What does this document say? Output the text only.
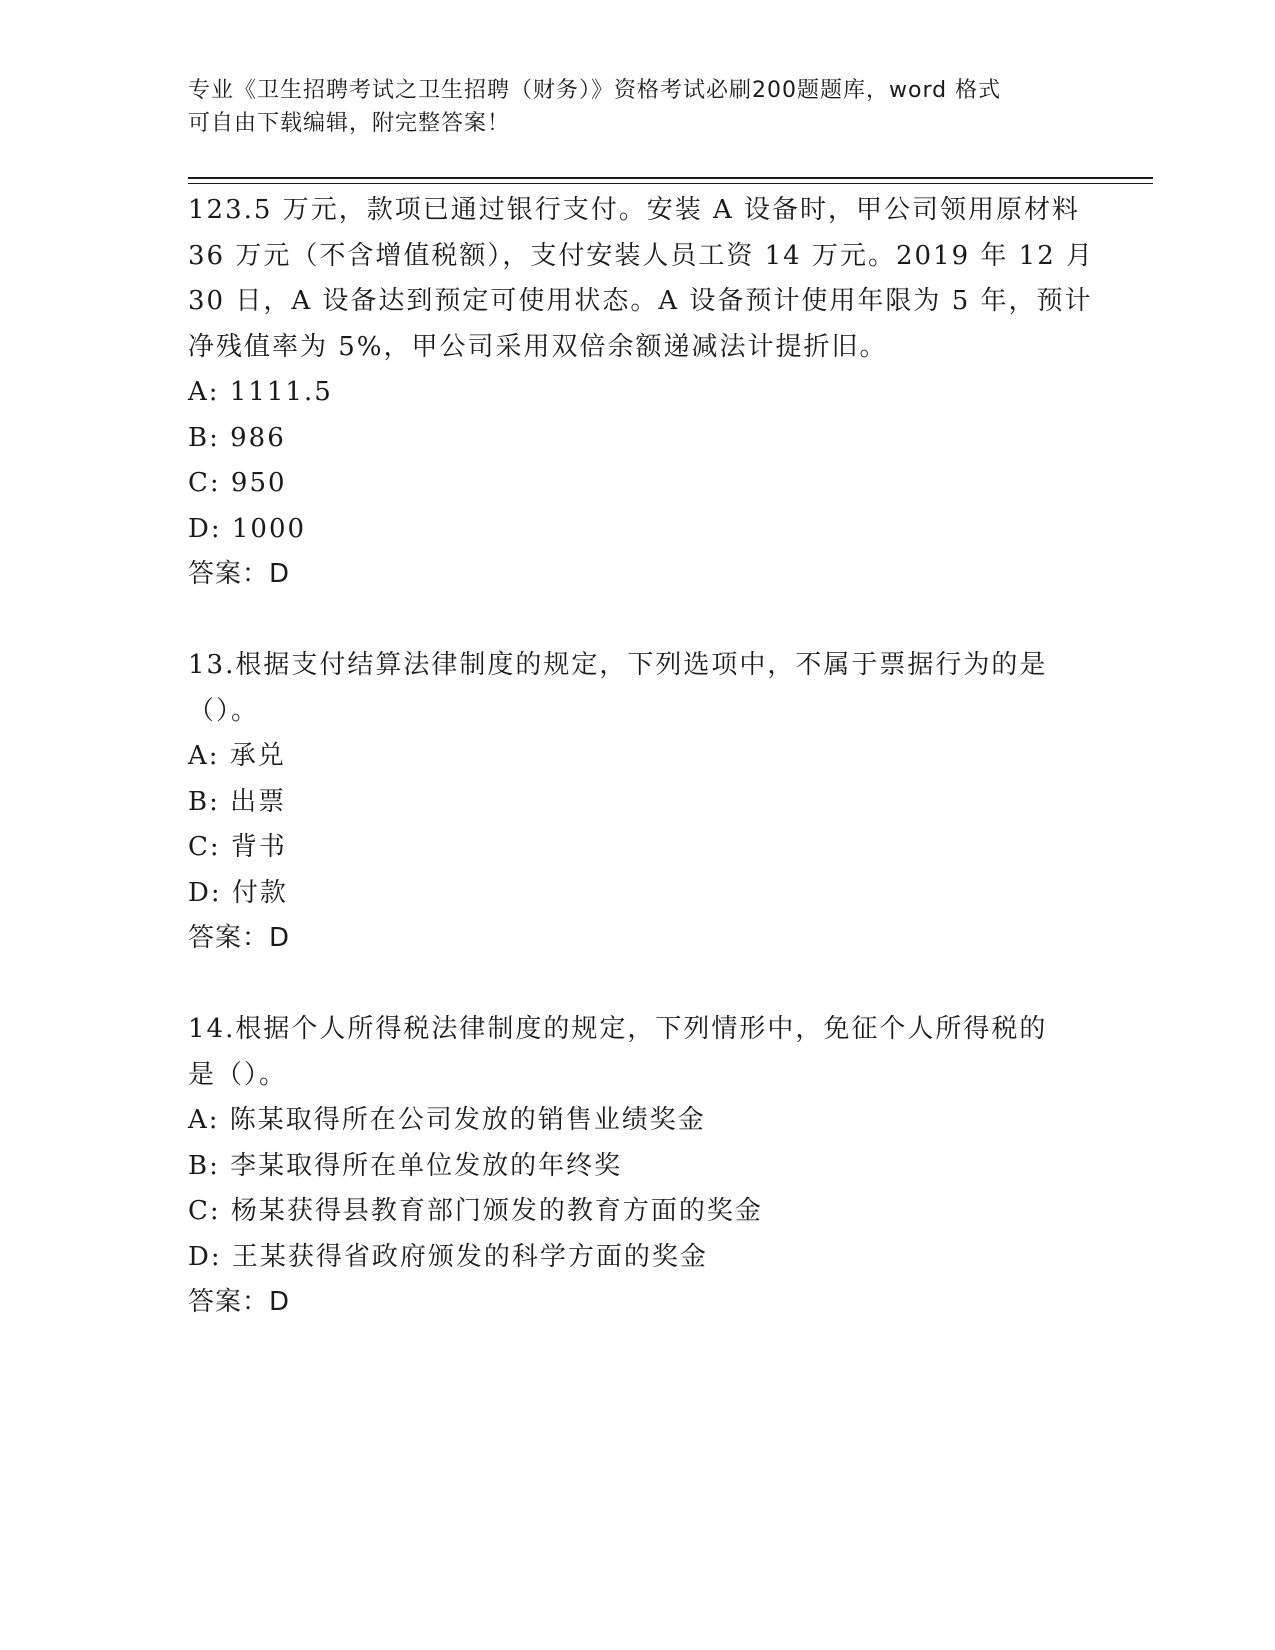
专业《卫生招聘考试之卫生招聘（财务）》资格考试必刷200题题库，word 格式
可自由下载编辑，附完整答案！
123.5 万元，款项已通过银行支付。安装 A 设备时，甲公司领用原材料
36 万元（不含增值税额），支付安装人员工资 14 万元。2019 年 12 月
30 日，A 设备达到预定可使用状态。A 设备预计使用年限为 5 年，预计
净残值率为 5%，甲公司采用双倍余额递减法计提折旧。
A: 1111.5
B: 986
C: 950
D: 1000
答案：D
13.根据支付结算法律制度的规定，下列选项中，不属于票据行为的是
（）。
A: 承兑
B: 出票
C: 背书
D: 付款
答案：D
14.根据个人所得税法律制度的规定，下列情形中，免征个人所得税的
是（）。
A: 陈某取得所在公司发放的销售业绩奖金
B: 李某取得所在单位发放的年终奖
C: 杨某获得县教育部门颁发的教育方面的奖金
D: 王某获得省政府颁发的科学方面的奖金
答案：D
